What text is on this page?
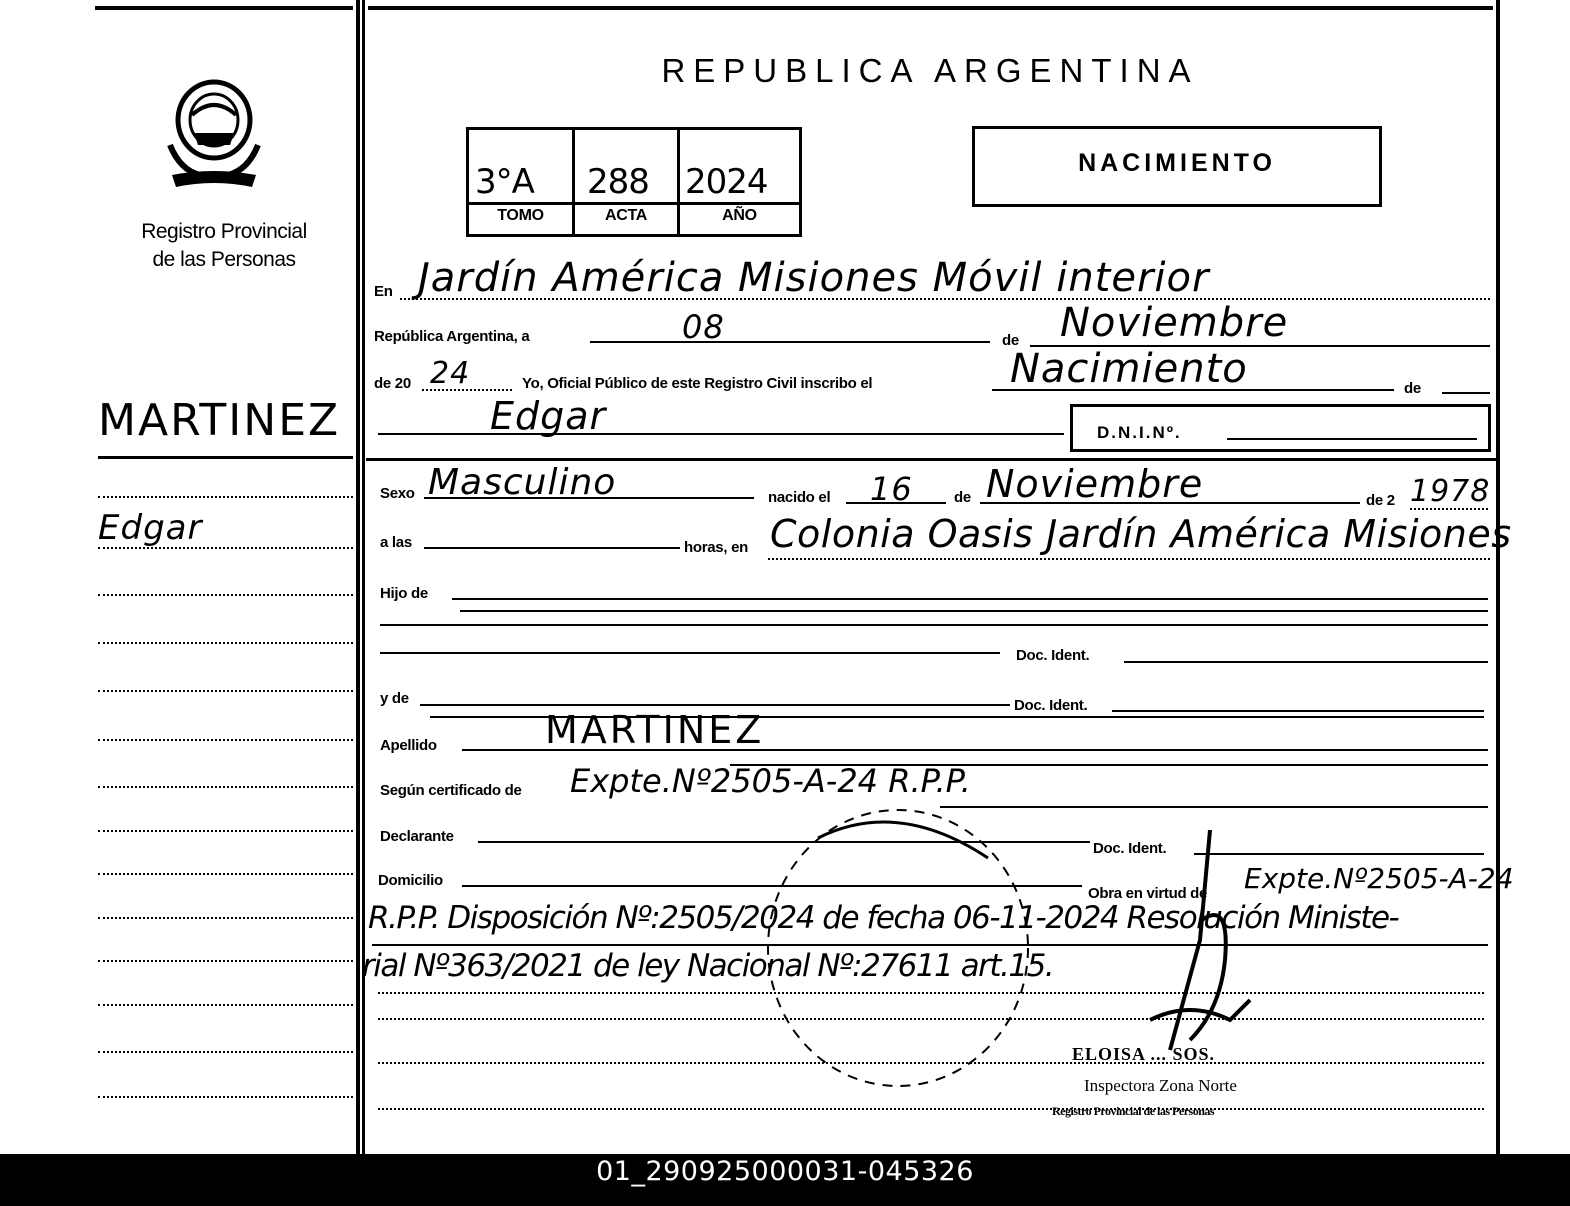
Registro Provincial
de las Personas
MARTINEZ
Edgar
REPUBLICA ARGENTINA
3°A 288 2024
TOMO	ACTA	AÑO
NACIMIENTO
En Jardín América Misiones Móvil interior
República Argentina, a	08	de Noviembre
de 20 24	Yo, Oficial Público de este Registro Civil inscribo el	Nacimiento	de
Edgar	D.N.I.Nº.
Sexo Masculino	nacido el 16	de Noviembre	de 2 1978
a las	horas, en Colonia Oasis Jardín América Misiones
Hijo de
Doc. Ident.
y de	Doc. Ident.
Apellido	MARTINEZ
Según certificado de Expte.Nº2505-A-24 R.P.P.
Declarante
Doc. Ident.
Domicilio
Obra en virtud de Expte.Nº2505-A-24
R.P.P. Disposición Nº:2505/2024 de fecha 06-11-2024 Resolución Ministe-
rial Nº363/2021 de ley Nacional Nº:27611 art.15.
ELOISA ... SOS.
Inspectora Zona Norte
Registro Provincial de las Personas
01_290925000031-045326
